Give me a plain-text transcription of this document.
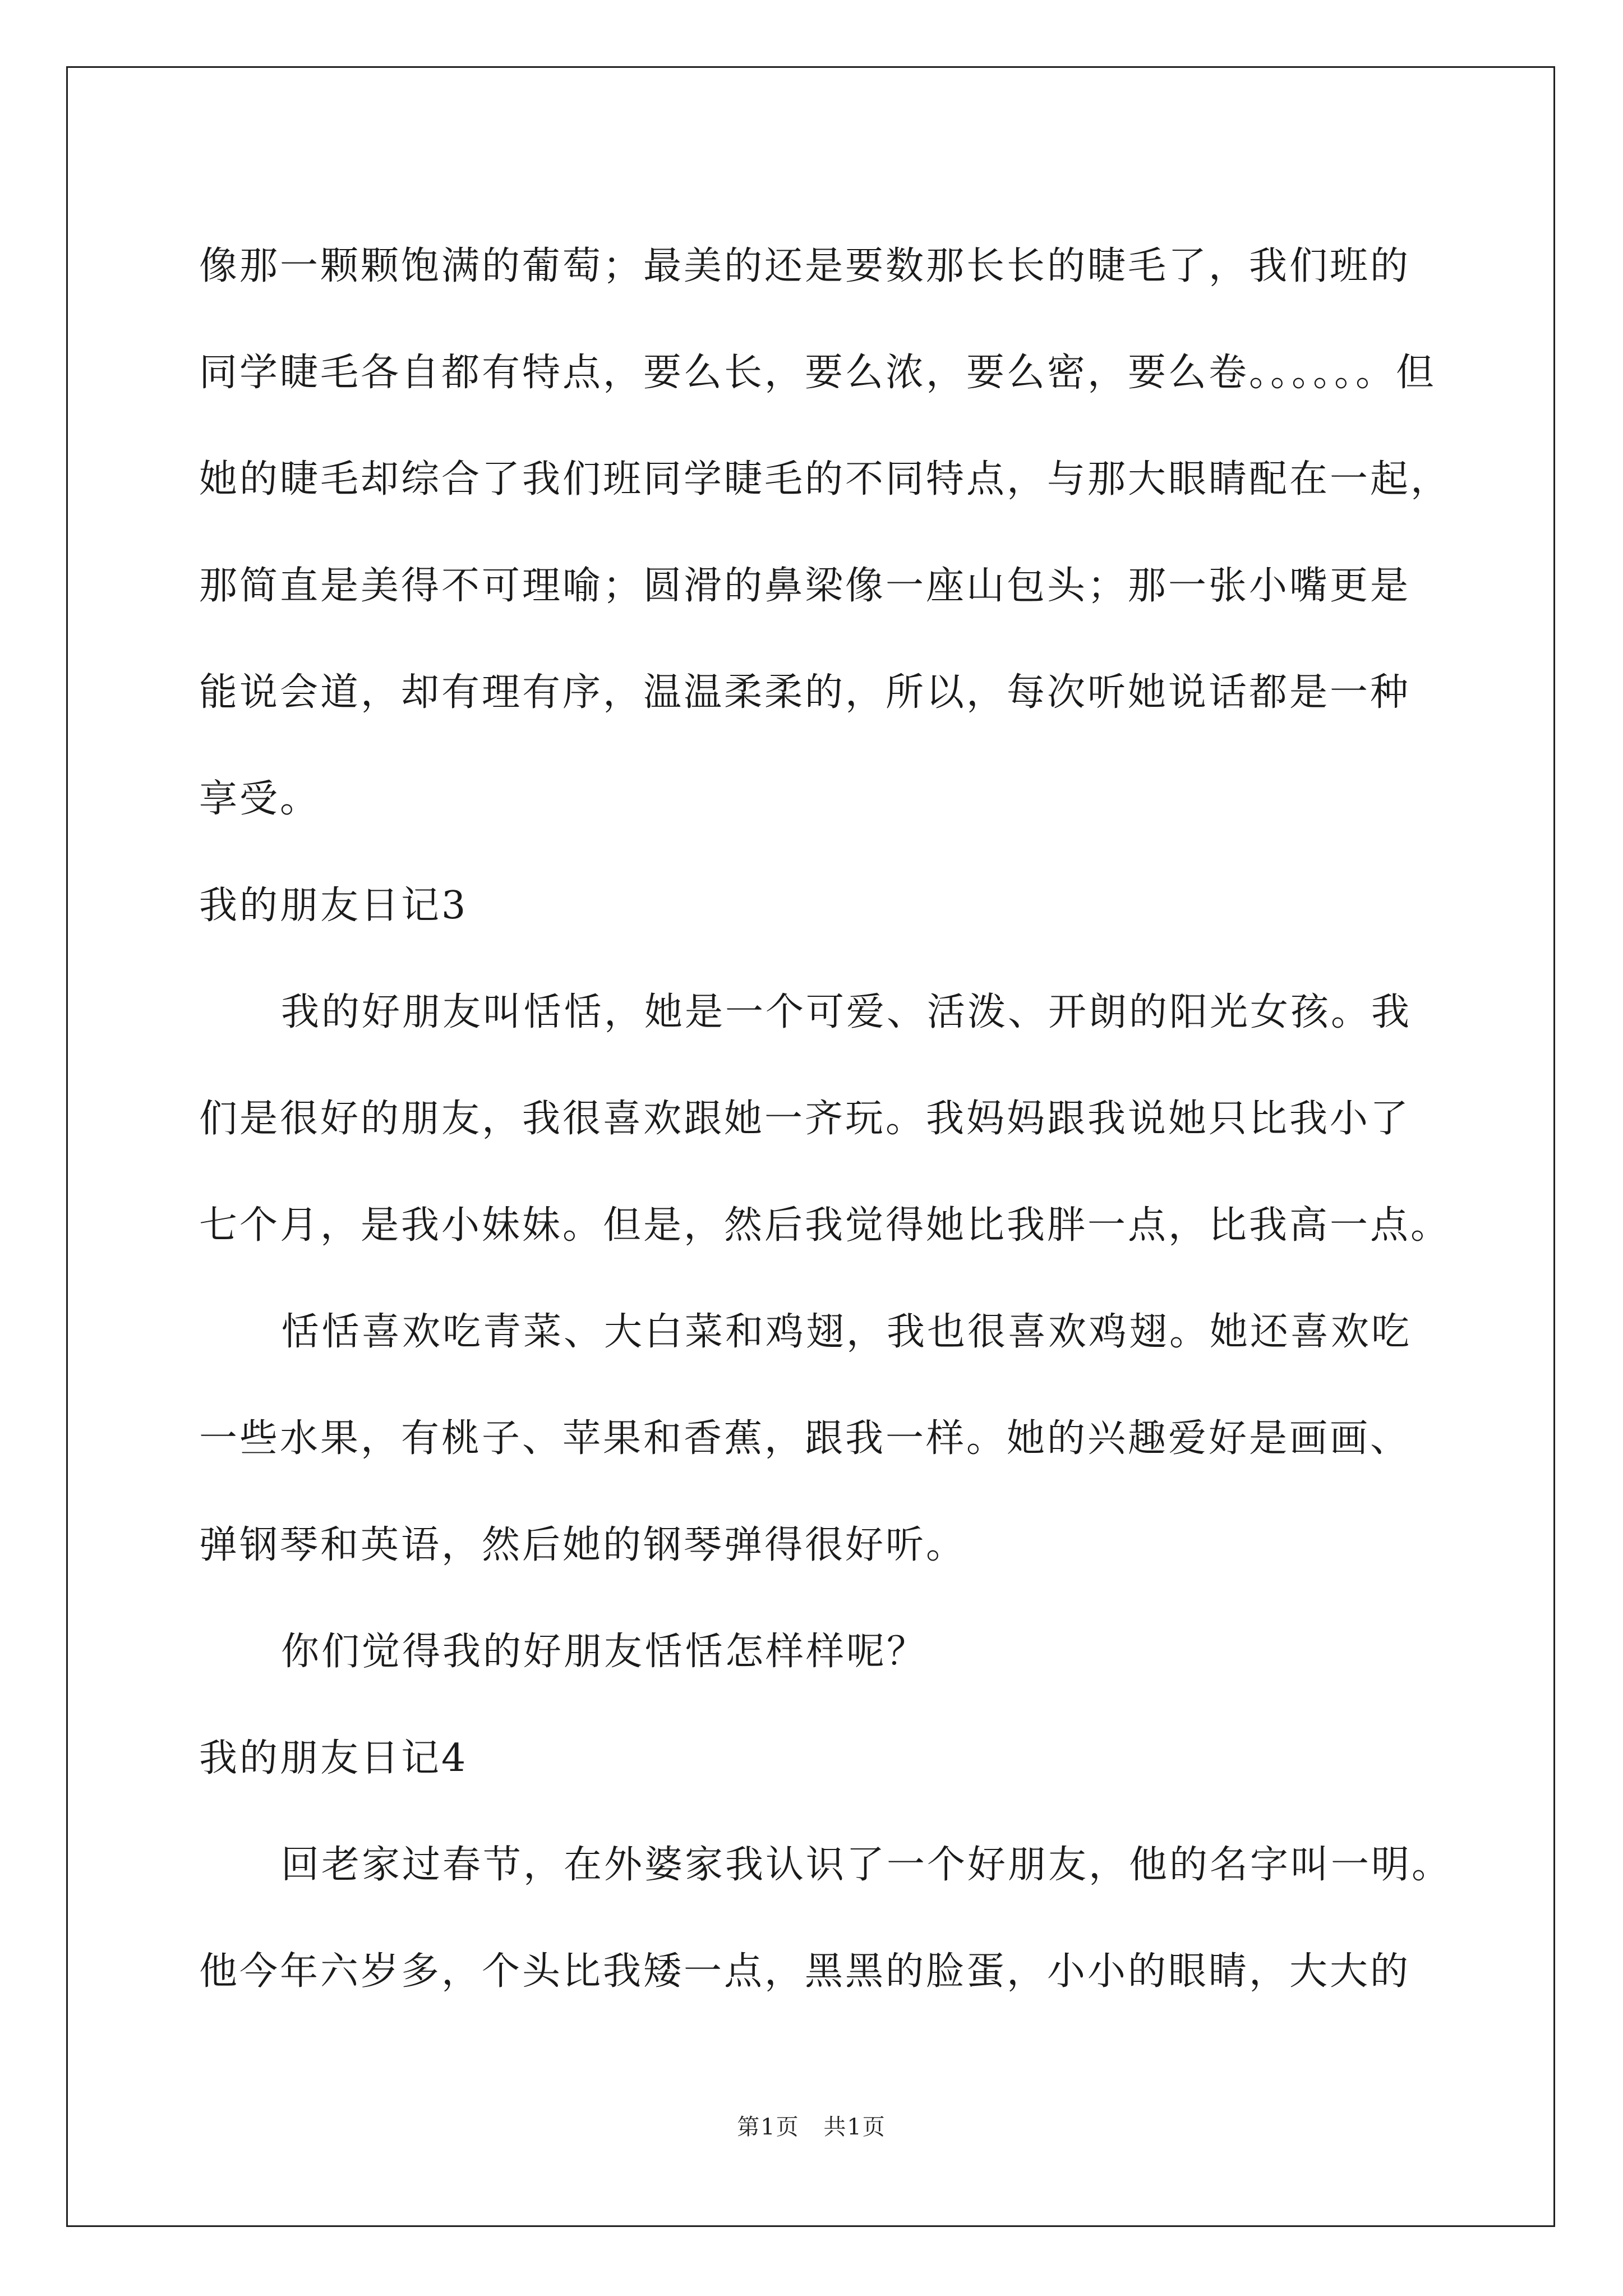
像那一颗颗饱满的葡萄；最美的还是要数那长长的睫毛了，我们班的
同学睫毛各自都有特点，要么长，要么浓，要么密，要么卷。。。。。。但
她的睫毛却综合了我们班同学睫毛的不同特点，与那大眼睛配在一起，
那简直是美得不可理喻；圆滑的鼻梁像一座山包头；那一张小嘴更是
能说会道，却有理有序，温温柔柔的，所以，每次听她说话都是一种
享受。
我的朋友日记3
我的好朋友叫恬恬，她是一个可爱、活泼、开朗的阳光女孩。我
们是很好的朋友，我很喜欢跟她一齐玩。我妈妈跟我说她只比我小了
七个月，是我小妹妹。但是，然后我觉得她比我胖一点，比我高一点。
恬恬喜欢吃青菜、大白菜和鸡翅，我也很喜欢鸡翅。她还喜欢吃
一些水果，有桃子、苹果和香蕉，跟我一样。她的兴趣爱好是画画、
弹钢琴和英语，然后她的钢琴弹得很好听。
你们觉得我的好朋友恬恬怎样样呢？
我的朋友日记4
回老家过春节，在外婆家我认识了一个好朋友，他的名字叫一明。
他今年六岁多，个头比我矮一点，黑黑的脸蛋，小小的眼睛，大大的
第1页 共1页
